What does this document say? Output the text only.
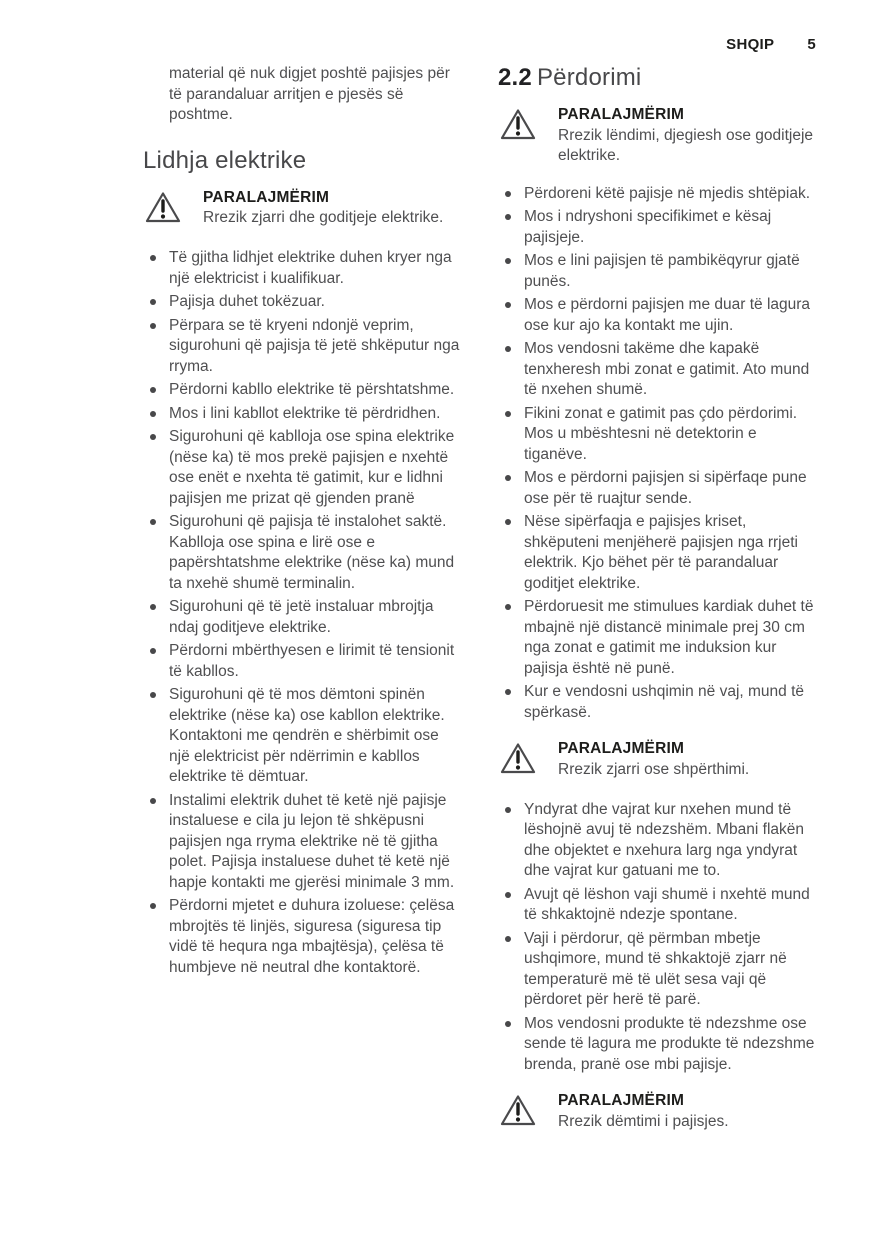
SHQIP 5

material që nuk digjet poshtë pajisjes për të parandaluar arritjen e pjesës së poshtme.

Lidhja elektrike
PARALAJMËRIM
Rrezik zjarri dhe goditjeje elektrike.
Të gjitha lidhjet elektrike duhen kryer nga një elektricist i kualifikuar.
Pajisja duhet tokëzuar.
Përpara se të kryeni ndonjë veprim, sigurohuni që pajisja të jetë shkëputur nga rryma.
Përdorni kabllo elektrike të përshtatshme.
Mos i lini kabllot elektrike të përdridhen.
Sigurohuni që kablloja ose spina elektrike (nëse ka) të mos prekë pajisjen e nxehtë ose enët e nxehta të gatimit, kur e lidhni pajisjen me prizat që gjenden pranë
Sigurohuni që pajisja të instalohet saktë. Kablloja ose spina e lirë ose e papërshtatshme elektrike (nëse ka) mund ta nxehë shumë terminalin.
Sigurohuni që të jetë instaluar mbrojtja ndaj goditjeve elektrike.
Përdorni mbërthyesen e lirimit të tensionit të kabllos.
Sigurohuni që të mos dëmtoni spinën elektrike (nëse ka) ose kabllon elektrike. Kontaktoni me qendrën e shërbimit ose një elektricist për ndërrimin e kabllos elektrike të dëmtuar.
Instalimi elektrik duhet të ketë një pajisje instaluese e cila ju lejon të shkëpusni pajisjen nga rryma elektrike në të gjitha polet. Pajisja instaluese duhet të ketë një hapje kontakti me gjerësi minimale 3 mm.
Përdorni mjetet e duhura izoluese: çelësa mbrojtës të linjës, siguresa (siguresa tip vidë të hequra nga mbajtësja), çelësa të humbjeve në neutral dhe kontaktorë.
2.2 Përdorimi
PARALAJMËRIM
Rrezik lëndimi, djegiesh ose goditjeje elektrike.
Përdoreni këtë pajisje në mjedis shtëpiak.
Mos i ndryshoni specifikimet e kësaj pajisjeje.
Mos e lini pajisjen të pambikëqyrur gjatë punës.
Mos e përdorni pajisjen me duar të lagura ose kur ajo ka kontakt me ujin.
Mos vendosni takëme dhe kapakë tenxheresh mbi zonat e gatimit. Ato mund të nxehen shumë.
Fikini zonat e gatimit pas çdo përdorimi. Mos u mbështesni në detektorin e tiganëve.
Mos e përdorni pajisjen si sipërfaqe pune ose për të ruajtur sende.
Nëse sipërfaqja e pajisjes kriset, shkëputeni menjëherë pajisjen nga rrjeti elektrik. Kjo bëhet për të parandaluar goditjet elektrike.
Përdoruesit me stimulues kardiak duhet të mbajnë një distancë minimale prej 30 cm nga zonat e gatimit me induksion kur pajisja është në punë.
Kur e vendosni ushqimin në vaj, mund të spërkasë.
PARALAJMËRIM
Rrezik zjarri ose shpërthimi.
Yndyrat dhe vajrat kur nxehen mund të lëshojnë avuj të ndezshëm. Mbani flakën dhe objektet e nxehura larg nga yndyrat dhe vajrat kur gatuani me to.
Avujt që lëshon vaji shumë i nxehtë mund të shkaktojnë ndezje spontane.
Vaji i përdorur, që përmban mbetje ushqimore, mund të shkaktojë zjarr në temperaturë më të ulët sesa vaji që përdoret për herë të parë.
Mos vendosni produkte të ndezshme ose sende të lagura me produkte të ndezshme brenda, pranë ose mbi pajisje.
PARALAJMËRIM
Rrezik dëmtimi i pajisjes.
